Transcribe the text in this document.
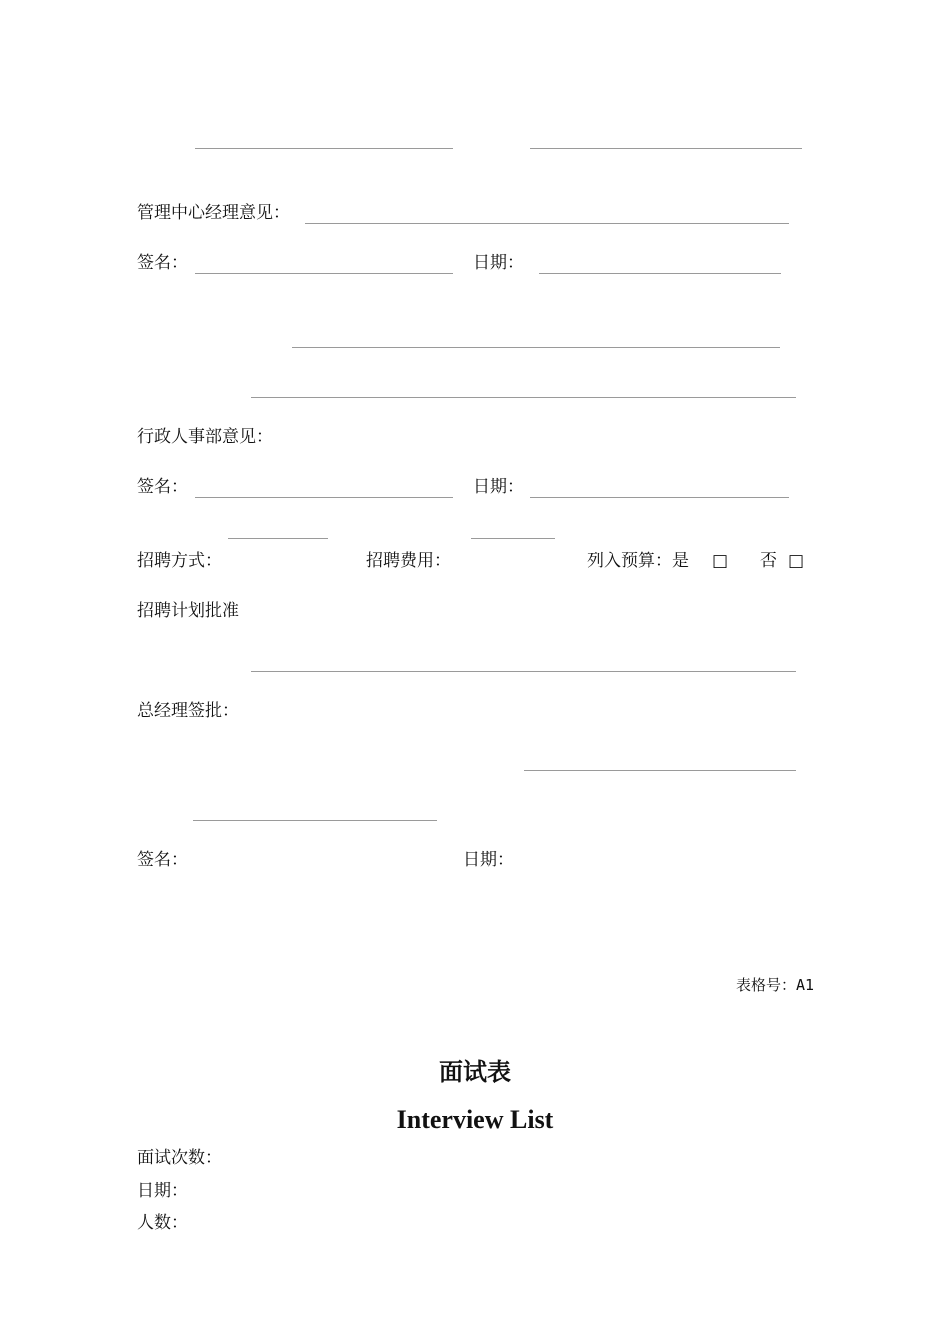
管理中心经理意见：
签名：	日期：
行政人事部意见：
签名：	日期：
招聘方式：	招聘费用：	列入预算：是 □ 否 □
招聘计划批准
总经理签批：
签名：	日期：
表格号：A1
面试表
Interview List
面试次数：
日期：
人数：
